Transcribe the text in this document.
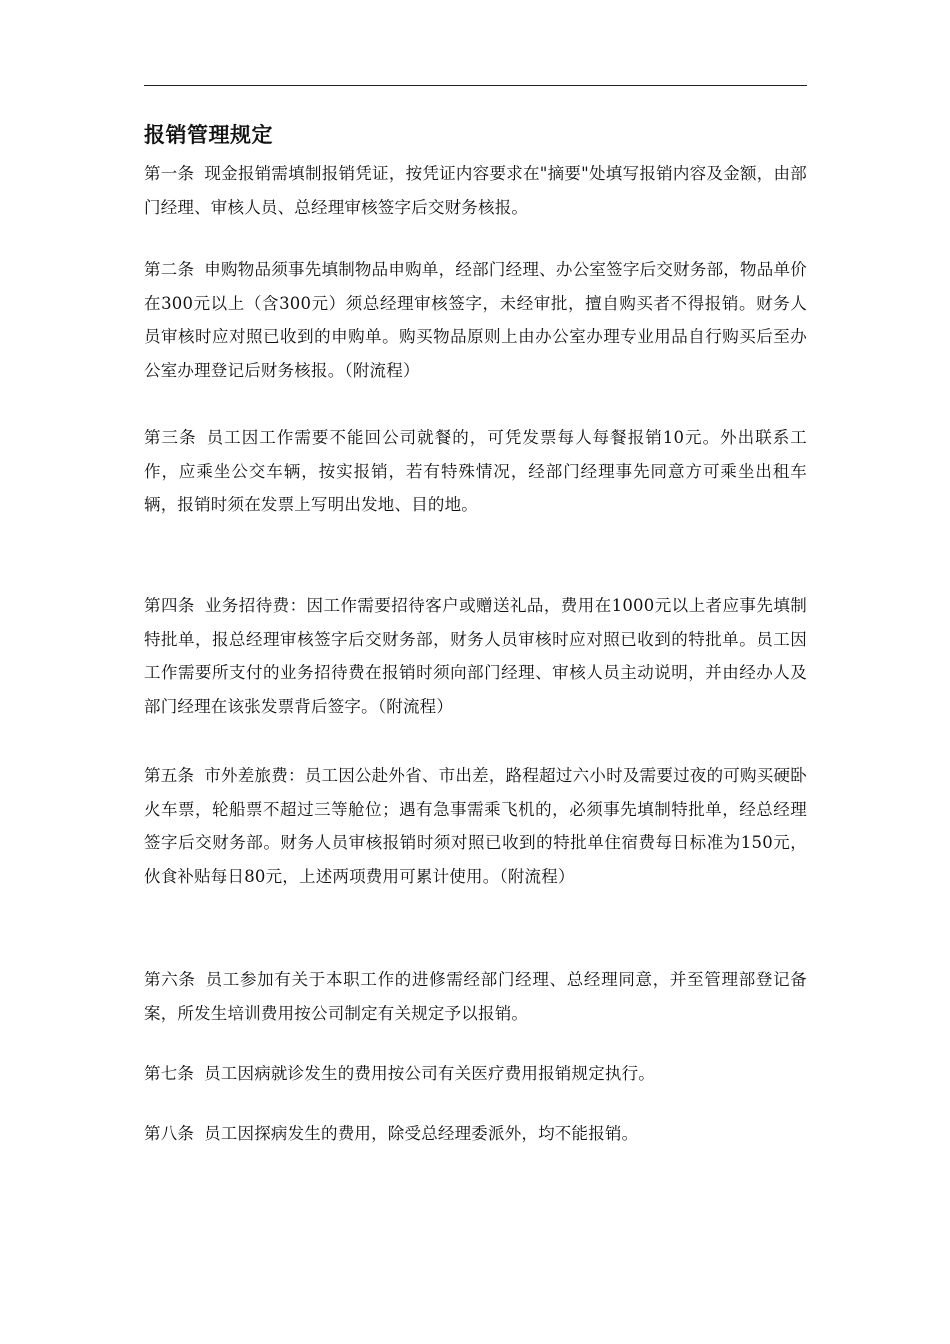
报销管理规定

第一条 现金报销需填制报销凭证，按凭证内容要求在"摘要"处填写报销内容及金额，由部门经理、审核人员、总经理审核签字后交财务核报。

第二条 申购物品须事先填制物品申购单，经部门经理、办公室签字后交财务部，物品单价在300元以上（含300元）须总经理审核签字，未经审批，擅自购买者不得报销。财务人员审核时应对照已收到的申购单。购买物品原则上由办公室办理专业用品自行购买后至办公室办理登记后财务核报。（附流程）

第三条 员工因工作需要不能回公司就餐的，可凭发票每人每餐报销10元。外出联系工作，应乘坐公交车辆，按实报销，若有特殊情况，经部门经理事先同意方可乘坐出租车辆，报销时须在发票上写明出发地、目的地。

第四条 业务招待费：因工作需要招待客户或赠送礼品，费用在1000元以上者应事先填制特批单，报总经理审核签字后交财务部，财务人员审核时应对照已收到的特批单。员工因工作需要所支付的业务招待费在报销时须向部门经理、审核人员主动说明，并由经办人及部门经理在该张发票背后签字。（附流程）

第五条 市外差旅费：员工因公赴外省、市出差，路程超过六小时及需要过夜的可购买硬卧火车票，轮船票不超过三等舱位；遇有急事需乘飞机的，必须事先填制特批单，经总经理签字后交财务部。财务人员审核报销时须对照已收到的特批单住宿费每日标准为150元，伙食补贴每日80元，上述两项费用可累计使用。（附流程）

第六条 员工参加有关于本职工作的进修需经部门经理、总经理同意，并至管理部登记备案，所发生培训费用按公司制定有关规定予以报销。

第七条 员工因病就诊发生的费用按公司有关医疗费用报销规定执行。

第八条 员工因探病发生的费用，除受总经理委派外，均不能报销。
